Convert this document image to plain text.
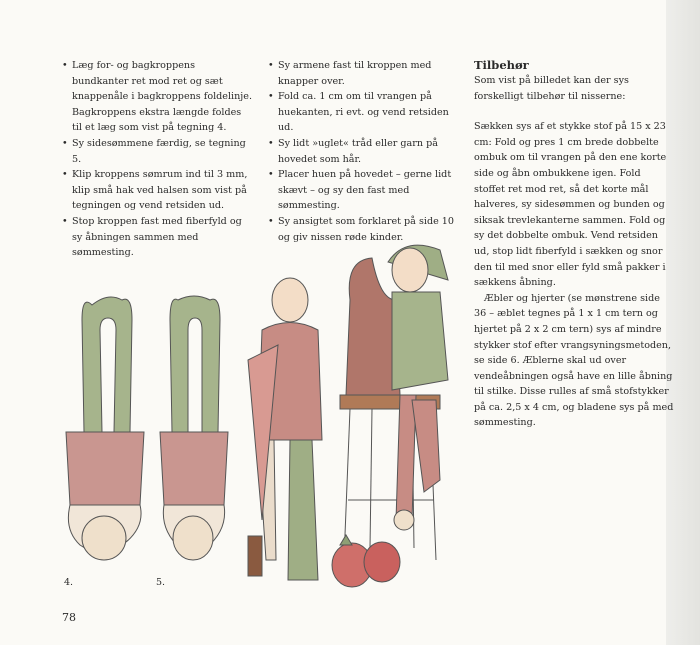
• Læg for- og bagkroppens bundkanter ret mod ret og sæt knappenåle i bagkroppens foldelinje. Bagkroppens ekstra længde foldes til et læg som vist på tegning 4.
• Sy sidesømmene færdig, se tegning 5.
• Klip kroppens sømrum ind til 3 mm, klip små hak ved halsen som vist på tegningen og vend retsiden ud.
• Stop kroppen fast med fiberfyld og sy åbningen sammen med sømmesting.
• Sy armene fast til kroppen med knapper over.
• Fold ca. 1 cm om til vrangen på huekanten, ri evt. og vend retsiden ud.
• Sy lidt »uglet« tråd eller garn på hovedet som hår.
• Placer huen på hovedet – gerne lidt skævt – og sy den fast med sømmesting.
• Sy ansigtet som forklaret på side 10 og giv nissen røde kinder.

Tilbehør

Som vist på billedet kan der sys forskelligt tilbehør til nisserne:

Sækken sys af et stykke stof på 15 x 23 cm: Fold og pres 1 cm brede dobbelte ombuk om til vrangen på den ene korte side og åbn ombukkene igen. Fold stoffet ret mod ret, så det korte mål halveres, sy sidesømmen og bunden og siksak trevlekanterne sammen. Fold og sy det dobbelte ombuk. Vend retsiden ud, stop lidt fiberfyld i sækken og snor den til med snor eller fyld små pakker i sækkens åbning.

Æbler og hjerter (se mønstrene side 36 – æblet tegnes på 1 x 1 cm tern og hjertet på 2 x 2 cm tern) sys af mindre stykker stof efter vrangsyningsmetoden, se side 6. Æblerne skal ud over vendeåbningen også have en lille åbning til stilke. Disse rulles af små stofstykker på ca. 2,5 x 4 cm, og bladene sys på med sømmesting.

4.	5.
78
